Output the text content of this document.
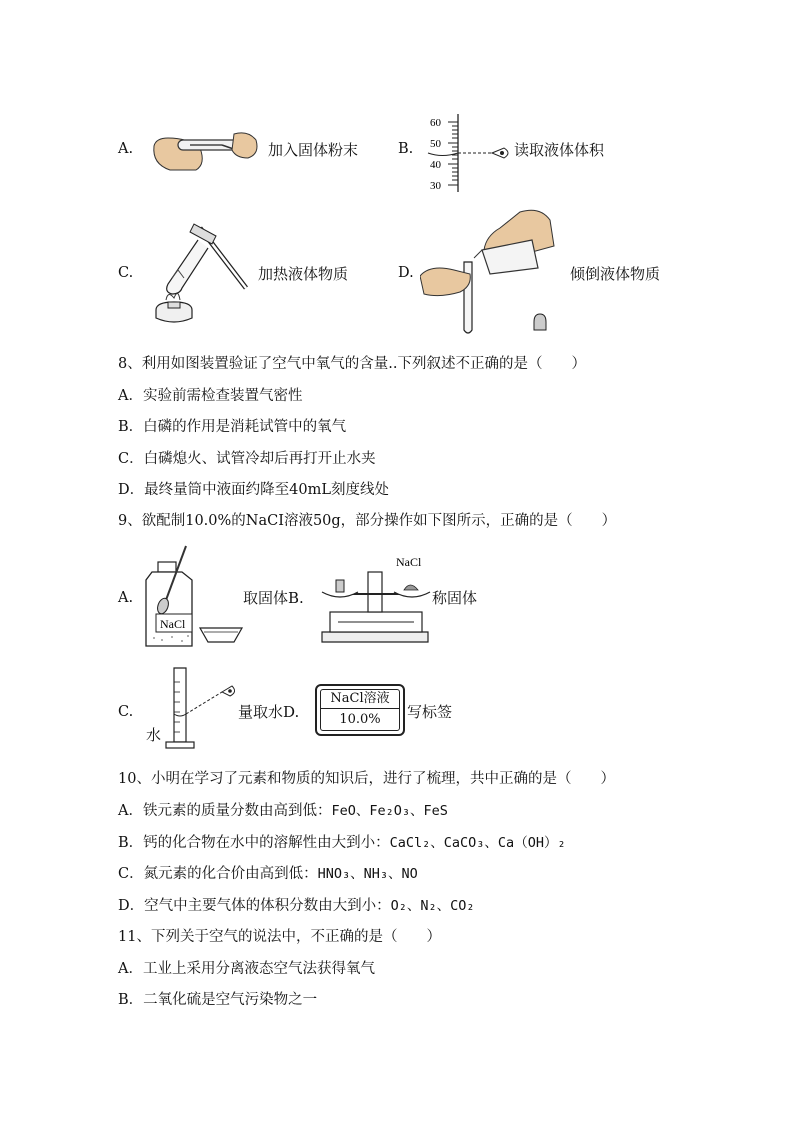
A.	加入固体粉末	B.
60
50
40
30
读取液体体积
C.	加热液体物质	D.	倾倒液体物质
8、利用如图装置验证了空气中氧气的含量..下列叙述不正确的是（　　）
A．实验前需检查装置气密性
B．白磷的作用是消耗试管中的氧气
C．白磷熄火、试管冷却后再打开止水夹
D．最终量筒中液面约降至40mL刻度线处
9、欲配制10.0%的NaCI溶液50g，部分操作如下图所示，正确的是（　　）
A.
NaCl
取固体B.
NaCl
称固体
C.
水
量取水D.
NaCl溶液
10.0%	写标签
10、小明在学习了元素和物质的知识后，进行了梳理，共中正确的是（　　）
A．铁元素的质量分数由高到低：FeO、Fe₂O₃、FeS
B．钙的化合物在水中的溶解性由大到小：CaCl₂、CaCO₃、Ca（OH）₂
C．氮元素的化合价由高到低：HNO₃、NH₃、NO
D．空气中主要气体的体积分数由大到小：O₂、N₂、CO₂
11、下列关于空气的说法中，不正确的是（　　）
A．工业上采用分离液态空气法获得氧气
B．二氧化硫是空气污染物之一
